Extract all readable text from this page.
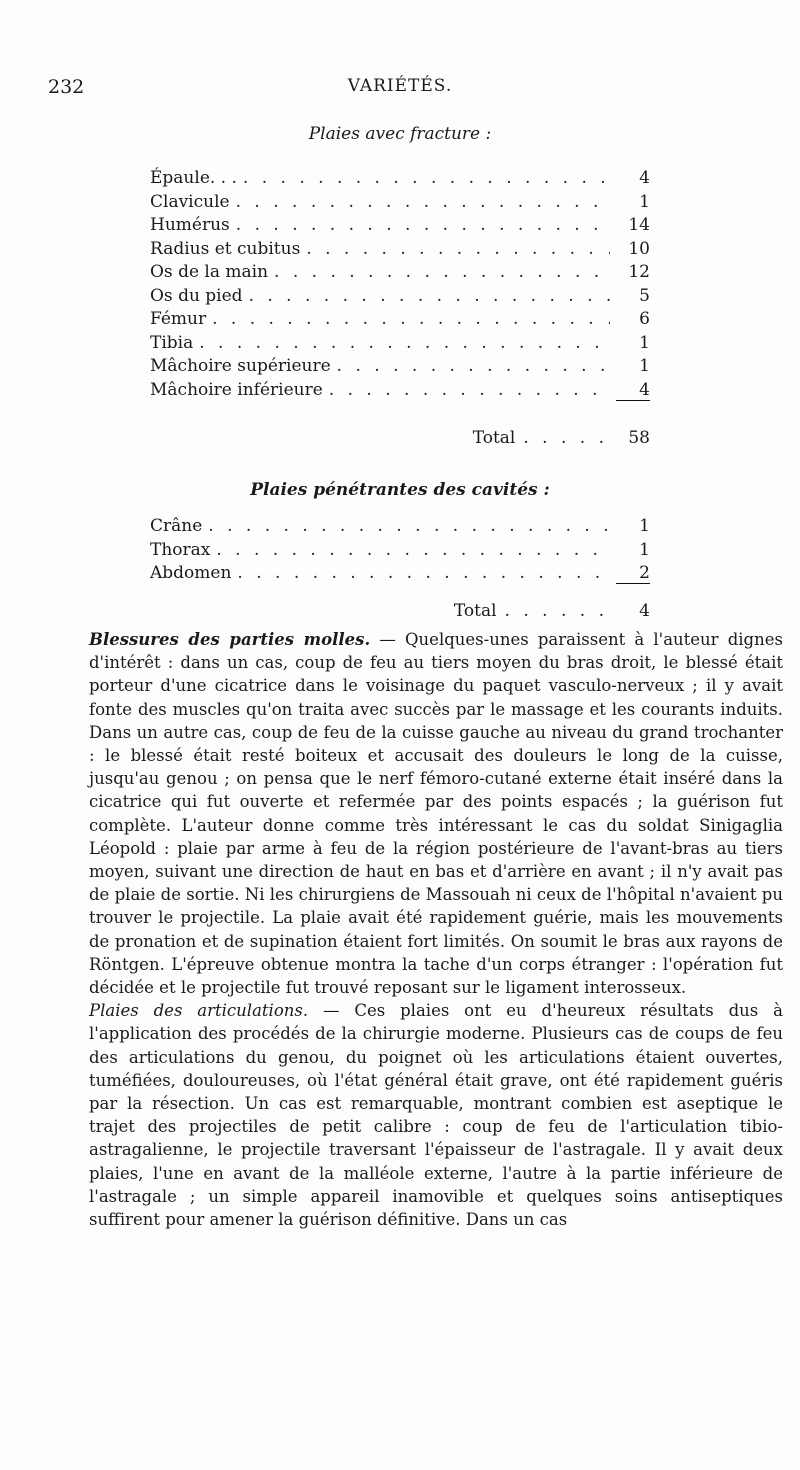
232	VARIÉTÉS.
Plaies avec fracture :
Épaule. . . . . .	4
Clavicule . . .	1
Humérus . . .	14
Radius et cubitus . . .	10
Os de la main . . .	12
Os du pied . . .	5
Fémur . . .	6
Tibia . . .	1
Mâchoire supérieure . . .	1
Mâchoire inférieure . . .	4
Total . . . . .	58
Plaies pénétrantes des cavités :
Crâne . . .	1
Thorax . . .	1
Abdomen . . .	2
Total . . . . . .	4

Blessures des parties molles. — Quelques-unes paraissent à l'auteur dignes d'intérêt : dans un cas, coup de feu au tiers moyen du bras droit, le blessé était porteur d'une cicatrice dans le voisinage du paquet vasculo-nerveux ; il y avait fonte des muscles qu'on traita avec succès par le massage et les courants induits. Dans un autre cas, coup de feu de la cuisse gauche au niveau du grand trochanter : le blessé était resté boiteux et accusait des douleurs le long de la cuisse, jusqu'au genou ; on pensa que le nerf fémoro-cutané externe était inséré dans la cicatrice qui fut ouverte et refermée par des points espacés ; la guérison fut complète. L'auteur donne comme très intéressant le cas du soldat Sinigaglia Léopold : plaie par arme à feu de la région postérieure de l'avant-bras au tiers moyen, suivant une direction de haut en bas et d'arrière en avant ; il n'y avait pas de plaie de sortie. Ni les chirurgiens de Massouah ni ceux de l'hôpital n'avaient pu trouver le projectile. La plaie avait été rapidement guérie, mais les mouvements de pronation et de supination étaient fort limités. On soumit le bras aux rayons de Röntgen. L'épreuve obtenue montra la tache d'un corps étranger : l'opération fut décidée et le projectile fut trouvé reposant sur le ligament interosseux.

Plaies des articulations. — Ces plaies ont eu d'heureux résultats dus à l'application des procédés de la chirurgie moderne. Plusieurs cas de coups de feu des articulations du genou, du poignet où les articulations étaient ouvertes, tuméfiées, douloureuses, où l'état général était grave, ont été rapidement guéris par la résection. Un cas est remarquable, montrant combien est aseptique le trajet des projectiles de petit calibre : coup de feu de l'articulation tibio-astragalienne, le projectile traversant l'épaisseur de l'astragale. Il y avait deux plaies, l'une en avant de la malléole externe, l'autre à la partie inférieure de l'astragale ; un simple appareil inamovible et quelques soins antiseptiques suffirent pour amener la guérison définitive. Dans un cas
